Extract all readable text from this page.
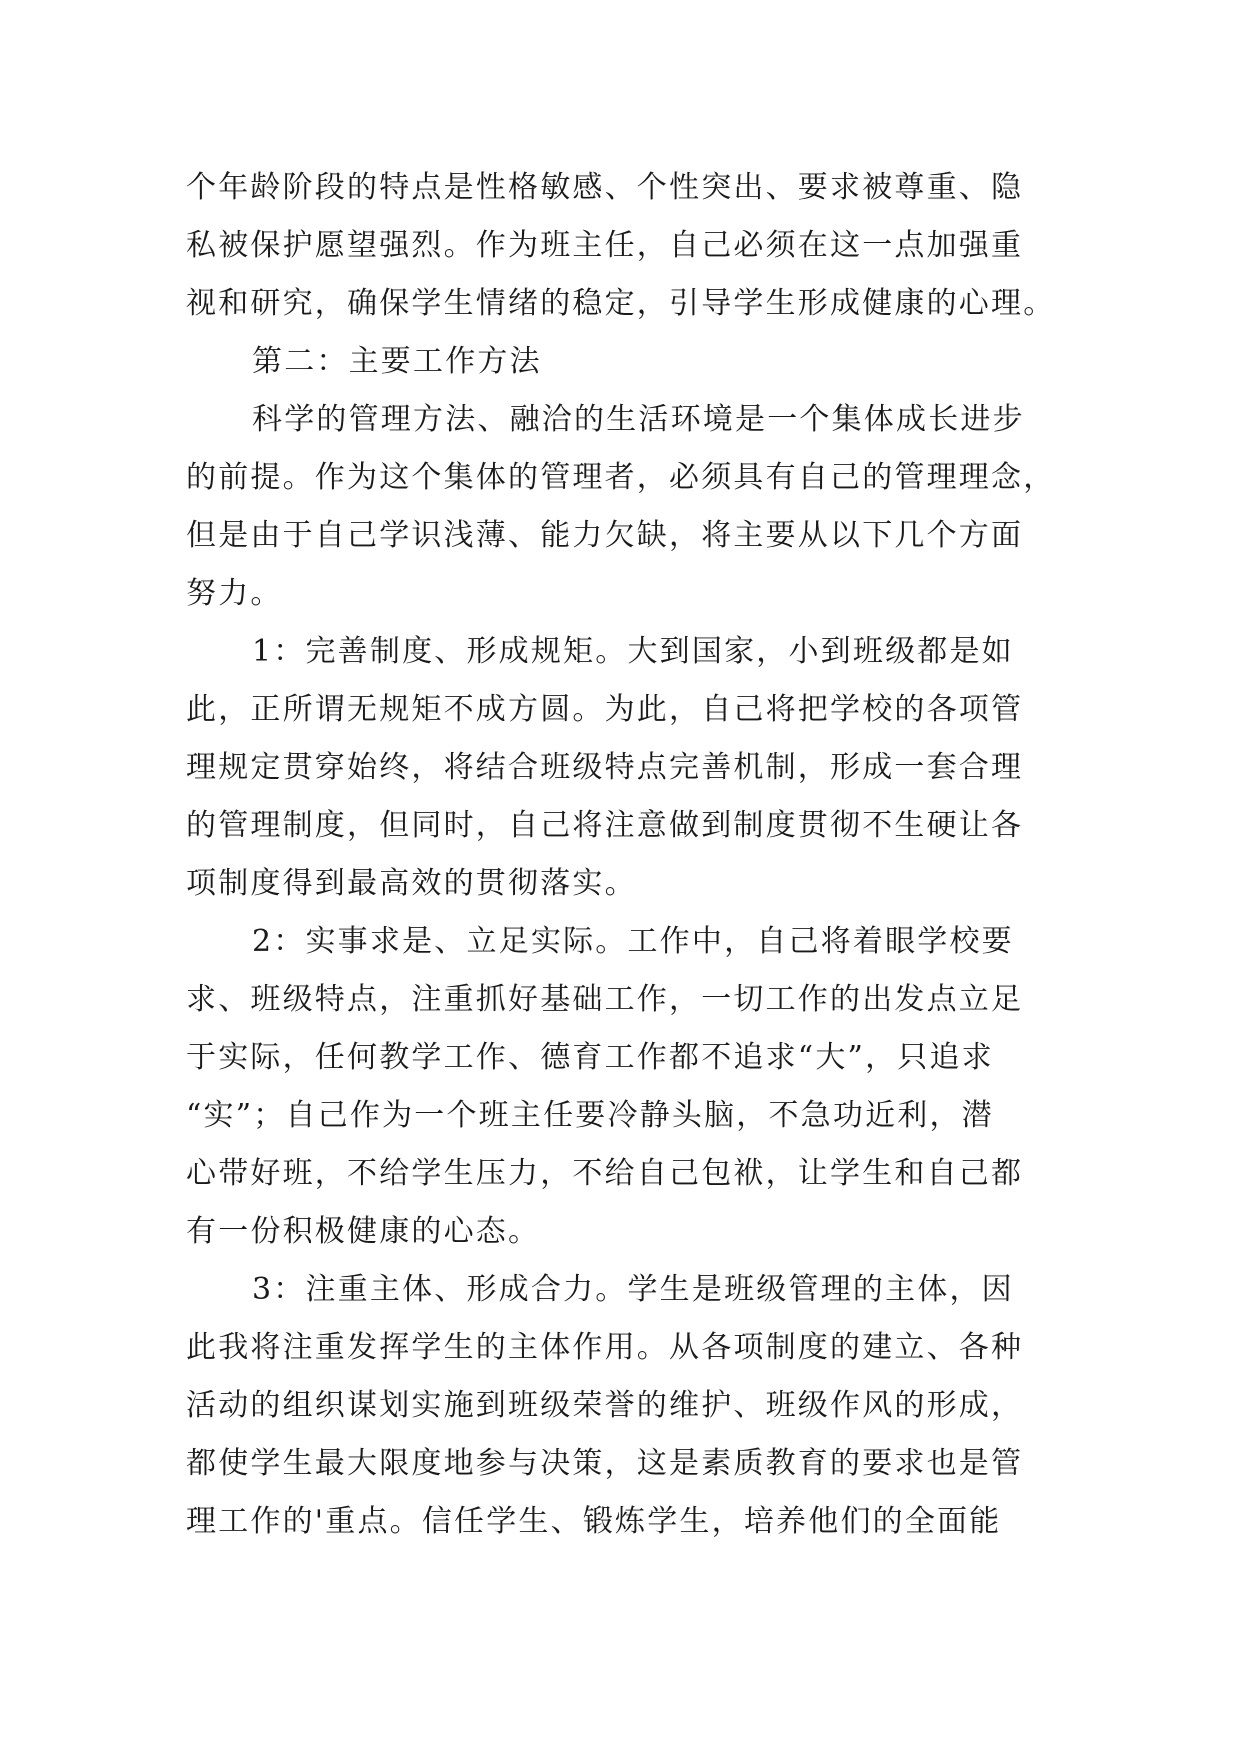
个年龄阶段的特点是性格敏感、个性突出、要求被尊重、隐
私被保护愿望强烈。作为班主任，自己必须在这一点加强重
视和研究，确保学生情绪的稳定，引导学生形成健康的心理。
第二：主要工作方法
科学的管理方法、融洽的生活环境是一个集体成长进步
的前提。作为这个集体的管理者，必须具有自己的管理理念，
但是由于自己学识浅薄、能力欠缺，将主要从以下几个方面
努力。
1：完善制度、形成规矩。大到国家，小到班级都是如
此，正所谓无规矩不成方圆。为此，自己将把学校的各项管
理规定贯穿始终，将结合班级特点完善机制，形成一套合理
的管理制度，但同时，自己将注意做到制度贯彻不生硬让各
项制度得到最高效的贯彻落实。
2：实事求是、立足实际。工作中，自己将着眼学校要
求、班级特点，注重抓好基础工作，一切工作的出发点立足
于实际，任何教学工作、德育工作都不追求“大”，只追求
“实”；自己作为一个班主任要冷静头脑，不急功近利，潜
心带好班，不给学生压力，不给自己包袱，让学生和自己都
有一份积极健康的心态。
3：注重主体、形成合力。学生是班级管理的主体，因
此我将注重发挥学生的主体作用。从各项制度的建立、各种
活动的组织谋划实施到班级荣誉的维护、班级作风的形成，
都使学生最大限度地参与决策，这是素质教育的要求也是管
理工作的'重点。信任学生、锻炼学生，培养他们的全面能
